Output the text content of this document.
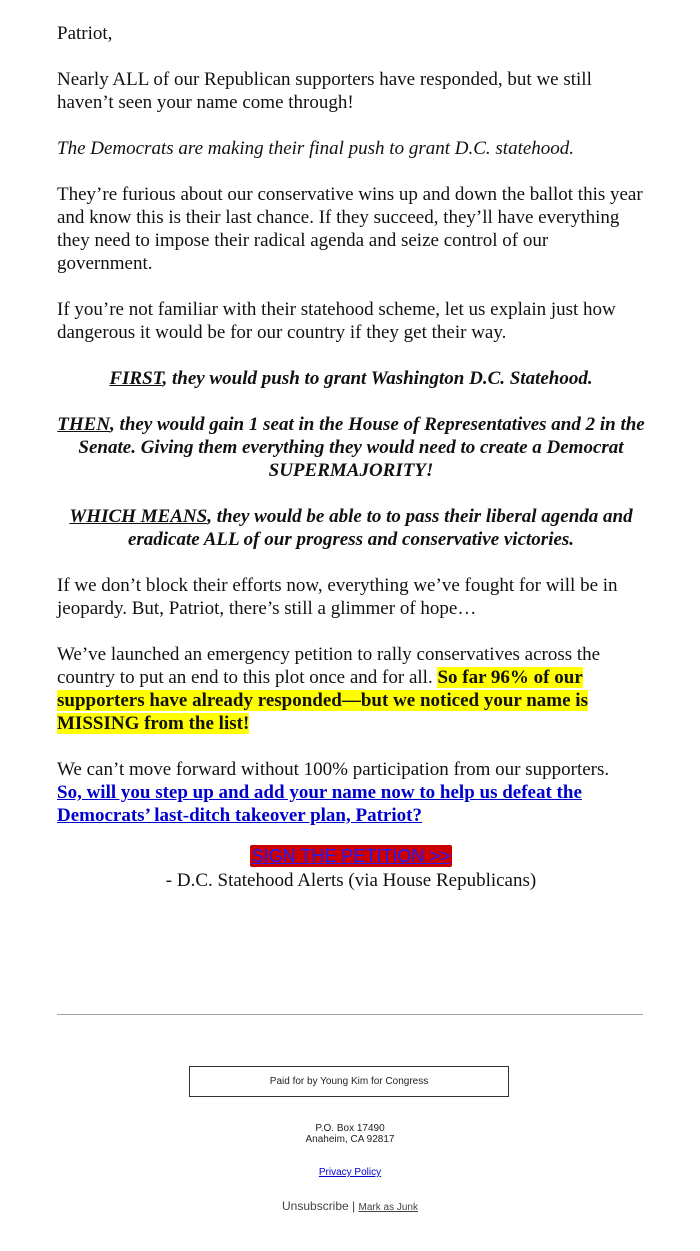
Patriot,

Nearly ALL of our Republican supporters have responded, but we still haven’t seen your name come through!

The Democrats are making their final push to grant D.C. statehood.

They’re furious about our conservative wins up and down the ballot this year and know this is their last chance. If they succeed, they’ll have everything they need to impose their radical agenda and seize control of our government.

If you’re not familiar with their statehood scheme, let us explain just how dangerous it would be for our country if they get their way.

FIRST, they would push to grant Washington D.C. Statehood.

THEN, they would gain 1 seat in the House of Representatives and 2 in the Senate. Giving them everything they would need to create a Democrat SUPERMAJORITY!

WHICH MEANS, they would be able to to pass their liberal agenda and eradicate ALL of our progress and conservative victories.

If we don’t block their efforts now, everything we’ve fought for will be in jeopardy. But, Patriot, there’s still a glimmer of hope…

We’ve launched an emergency petition to rally conservatives across the country to put an end to this plot once and for all. So far 96% of our supporters have already responded—but we noticed your name is MISSING from the list!

We can’t move forward without 100% participation from our supporters.
So, will you step up and add your name now to help us defeat the Democrats’ last-ditch takeover plan, Patriot?

SIGN THE PETITION >>

- D.C. Statehood Alerts (via House Republicans)

Paid for by Young Kim for Congress
P.O. Box 17490
Anaheim, CA 92817
Privacy Policy
Unsubscribe | Mark as Junk
